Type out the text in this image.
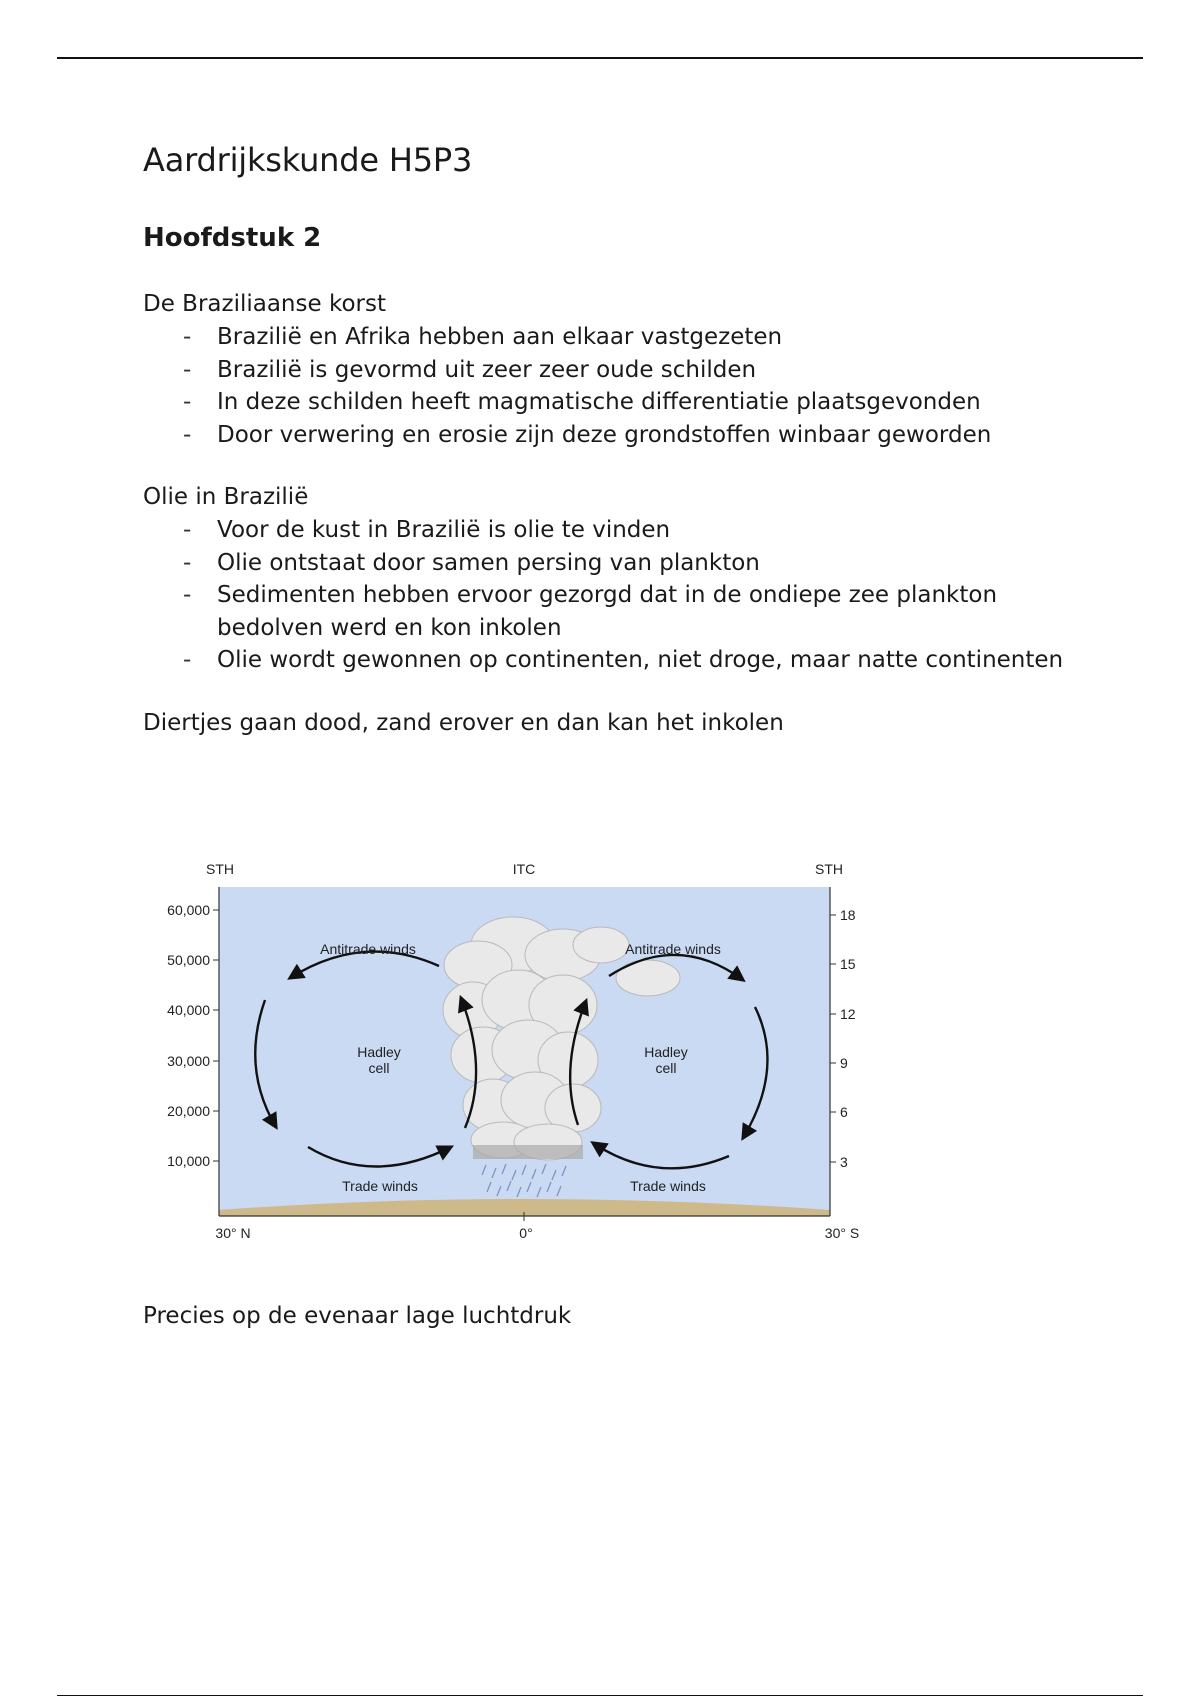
Aardrijkskunde H5P3
Hoofdstuk 2

De Braziliaanse korst

- Brazilië en Afrika hebben aan elkaar vastgezeten
- Brazilië is gevormd uit zeer zeer oude schilden
- In deze schilden heeft magmatische differentiatie plaatsgevonden
- Door verwering en erosie zijn deze grondstoffen winbaar geworden

Olie in Brazilië

- Voor de kust in Brazilië is olie te vinden
- Olie ontstaat door samen persing van plankton
- Sedimenten hebben ervoor gezorgd dat in de ondiepe zee plankton bedolven werd en kon inkolen
- Olie wordt gewonnen op continenten, niet droge, maar natte continenten

Diertjes gaan dood, zand erover en dan kan het inkolen

60,000
50,000
40,000
30,000
20,000
10,000
18
15
12
9
6
3
STH	ITC	STH
30° N	0°	30° S
Antitrade winds	Antitrade winds
Trade winds	Trade winds
Hadley
cell
Hadley
cell

Precies op de evenaar lage luchtdruk
